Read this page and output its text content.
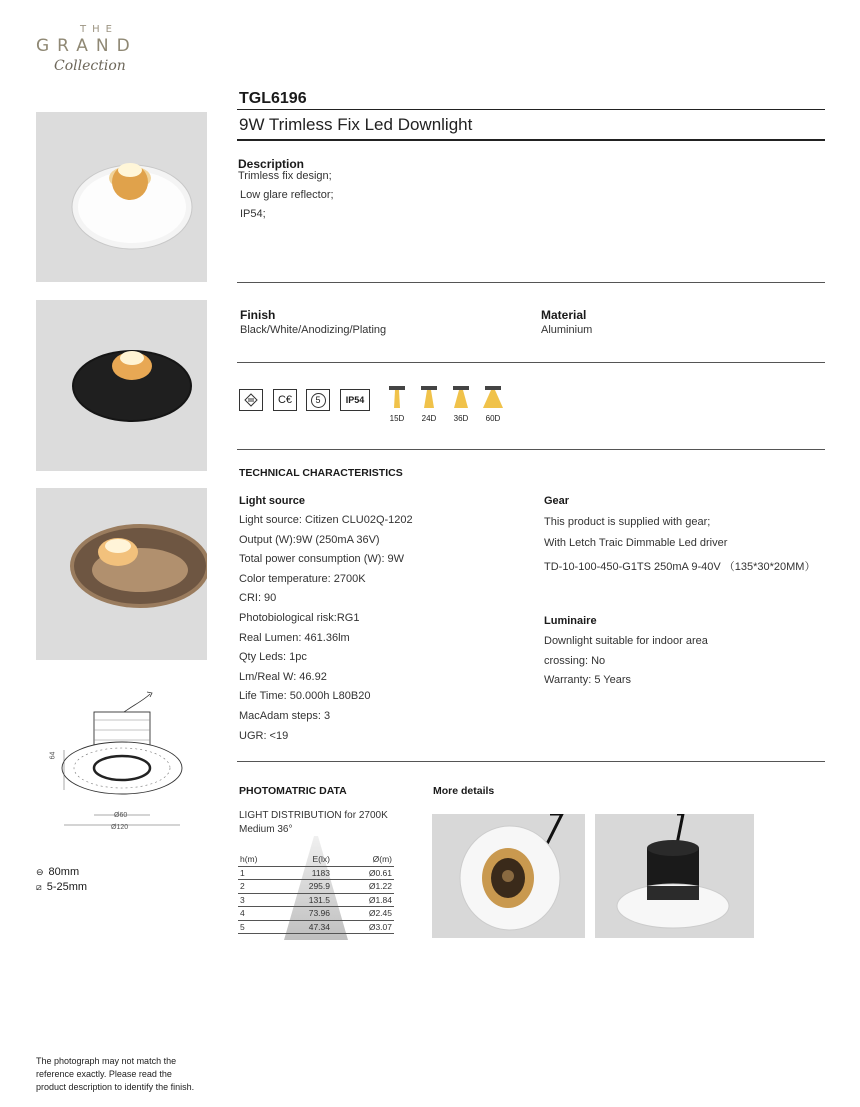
THE
GRAND
Collection
TGL6196
9W Trimless Fix Led Downlight
64
Ø60
Ø120
⊖ 80mm
⧄ 5-25mm
Description
Trimless fix design;
Low glare reflector;
IP54;
Finish
Black/White/Anodizing/Plating
Material
Aluminium
C€	5	IP54
15D	24D	36D	60D
TECHNICAL CHARACTERISTICS
Light source
Light source: Citizen CLU02Q-1202
Output (W):9W (250mA 36V)
Total power consumption (W): 9W
Color temperature: 2700K
CRI: 90
Photobiological risk:RG1
Real Lumen: 461.36lm
Qty Leds: 1pc
Lm/Real W: 46.92
Life Time: 50.000h L80B20
MacAdam steps: 3
UGR: <19
Gear
This product is supplied with gear;
With Letch Traic Dimmable Led driver
TD-10-100-450-G1TS 250mA 9-40V （135*30*20MM）
Luminaire
Downlight suitable for indoor area
crossing: No
Warranty: 5 Years
PHOTOMATRIC DATA
LIGHT DISTRIBUTION for 2700K
Medium 36°
h(m)	E(lx)	Ø(m)
1	1183	Ø0.61
2	295.9	Ø1.22
3	131.5	Ø1.84
4	73.96	Ø2.45
5	47.34	Ø3.07
More details
The photograph may not match the
reference exactly. Please read the
product description to identify the finish.
